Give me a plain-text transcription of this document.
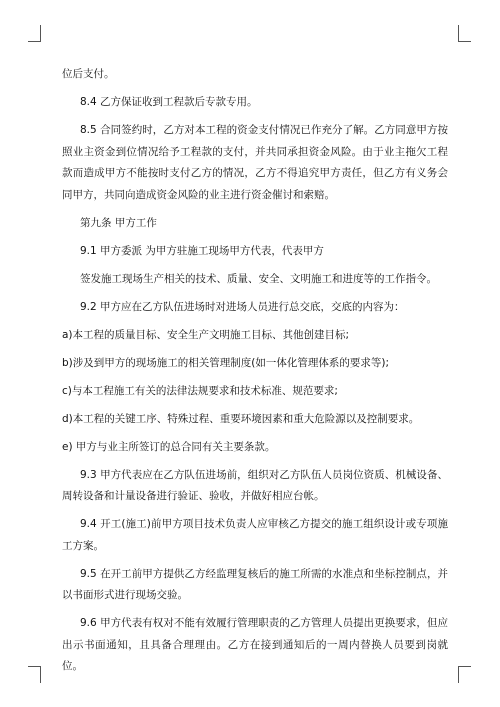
位后支付。

8.4 乙方保证收到工程款后专款专用。

8.5 合同签约时，乙方对本工程的资金支付情况已作充分了解。乙方同意甲方按照业主资金到位情况给予工程款的支付，并共同承担资金风险。由于业主拖欠工程款而造成甲方不能按时支付乙方的情况，乙方不得追究甲方责任，但乙方有义务会同甲方，共同向造成资金风险的业主进行资金催讨和索赔。

第九条 甲方工作

9.1 甲方委派 为甲方驻施工现场甲方代表，代表甲方

签发施工现场生产相关的技术、质量、安全、文明施工和进度等的工作指令。

9.2 甲方应在乙方队伍进场时对进场人员进行总交底，交底的内容为：

a)本工程的质量目标、安全生产文明施工目标、其他创建目标;

b)涉及到甲方的现场施工的相关管理制度(如一体化管理体系的要求等);

c)与本工程施工有关的法律法规要求和技术标准、规范要求;

d)本工程的关键工序、特殊过程、重要环境因素和重大危险源以及控制要求。

e) 甲方与业主所签订的总合同有关主要条款。

9.3 甲方代表应在乙方队伍进场前，组织对乙方队伍人员岗位资质、机械设备、周转设备和计量设备进行验证、验收，并做好相应台帐。

9.4 开工(施工)前甲方项目技术负责人应审核乙方提交的施工组织设计或专项施工方案。

9.5 在开工前甲方提供乙方经监理复核后的施工所需的水准点和坐标控制点，并以书面形式进行现场交验。

9.6 甲方代表有权对不能有效履行管理职责的乙方管理人员提出更换要求，但应出示书面通知，且具备合理理由。乙方在接到通知后的一周内替换人员要到岗就位。
